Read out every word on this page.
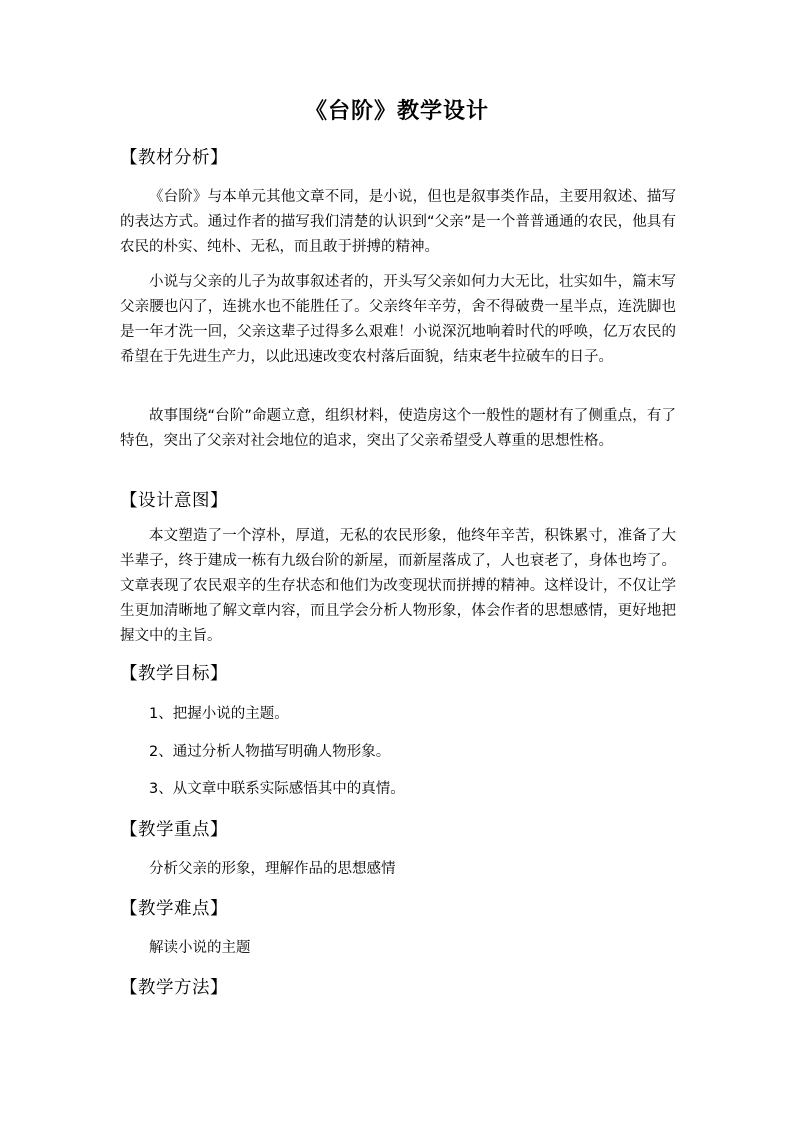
《台阶》教学设计
【教材分析】
《台阶》与本单元其他文章不同，是小说，但也是叙事类作品，主要用叙述、描写的表达方式。通过作者的描写我们清楚的认识到“父亲”是一个普普通通的农民，他具有农民的朴实、纯朴、无私，而且敢于拼搏的精神。
小说与父亲的儿子为故事叙述者的，开头写父亲如何力大无比，壮实如牛，篇末写父亲腰也闪了，连挑水也不能胜任了。父亲终年辛劳，舍不得破费一星半点，连洗脚也是一年才洗一回，父亲这辈子过得多么艰难！小说深沉地响着时代的呼唤，亿万农民的希望在于先进生产力，以此迅速改变农村落后面貌，结束老牛拉破车的日子。
故事围绕“台阶”命题立意，组织材料，使造房这个一般性的题材有了侧重点，有了特色，突出了父亲对社会地位的追求，突出了父亲希望受人尊重的思想性格。
【设计意图】
本文塑造了一个淳朴，厚道，无私的农民形象，他终年辛苦，积铢累寸，准备了大半辈子，终于建成一栋有九级台阶的新屋，而新屋落成了，人也衰老了，身体也垮了。文章表现了农民艰辛的生存状态和他们为改变现状而拼搏的精神。这样设计，不仅让学生更加清晰地了解文章内容，而且学会分析人物形象，体会作者的思想感情，更好地把握文中的主旨。
【教学目标】
1、把握小说的主题。
2、通过分析人物描写明确人物形象。
3、从文章中联系实际感悟其中的真情。
【教学重点】
分析父亲的形象，理解作品的思想感情
【教学难点】
解读小说的主题
【教学方法】
